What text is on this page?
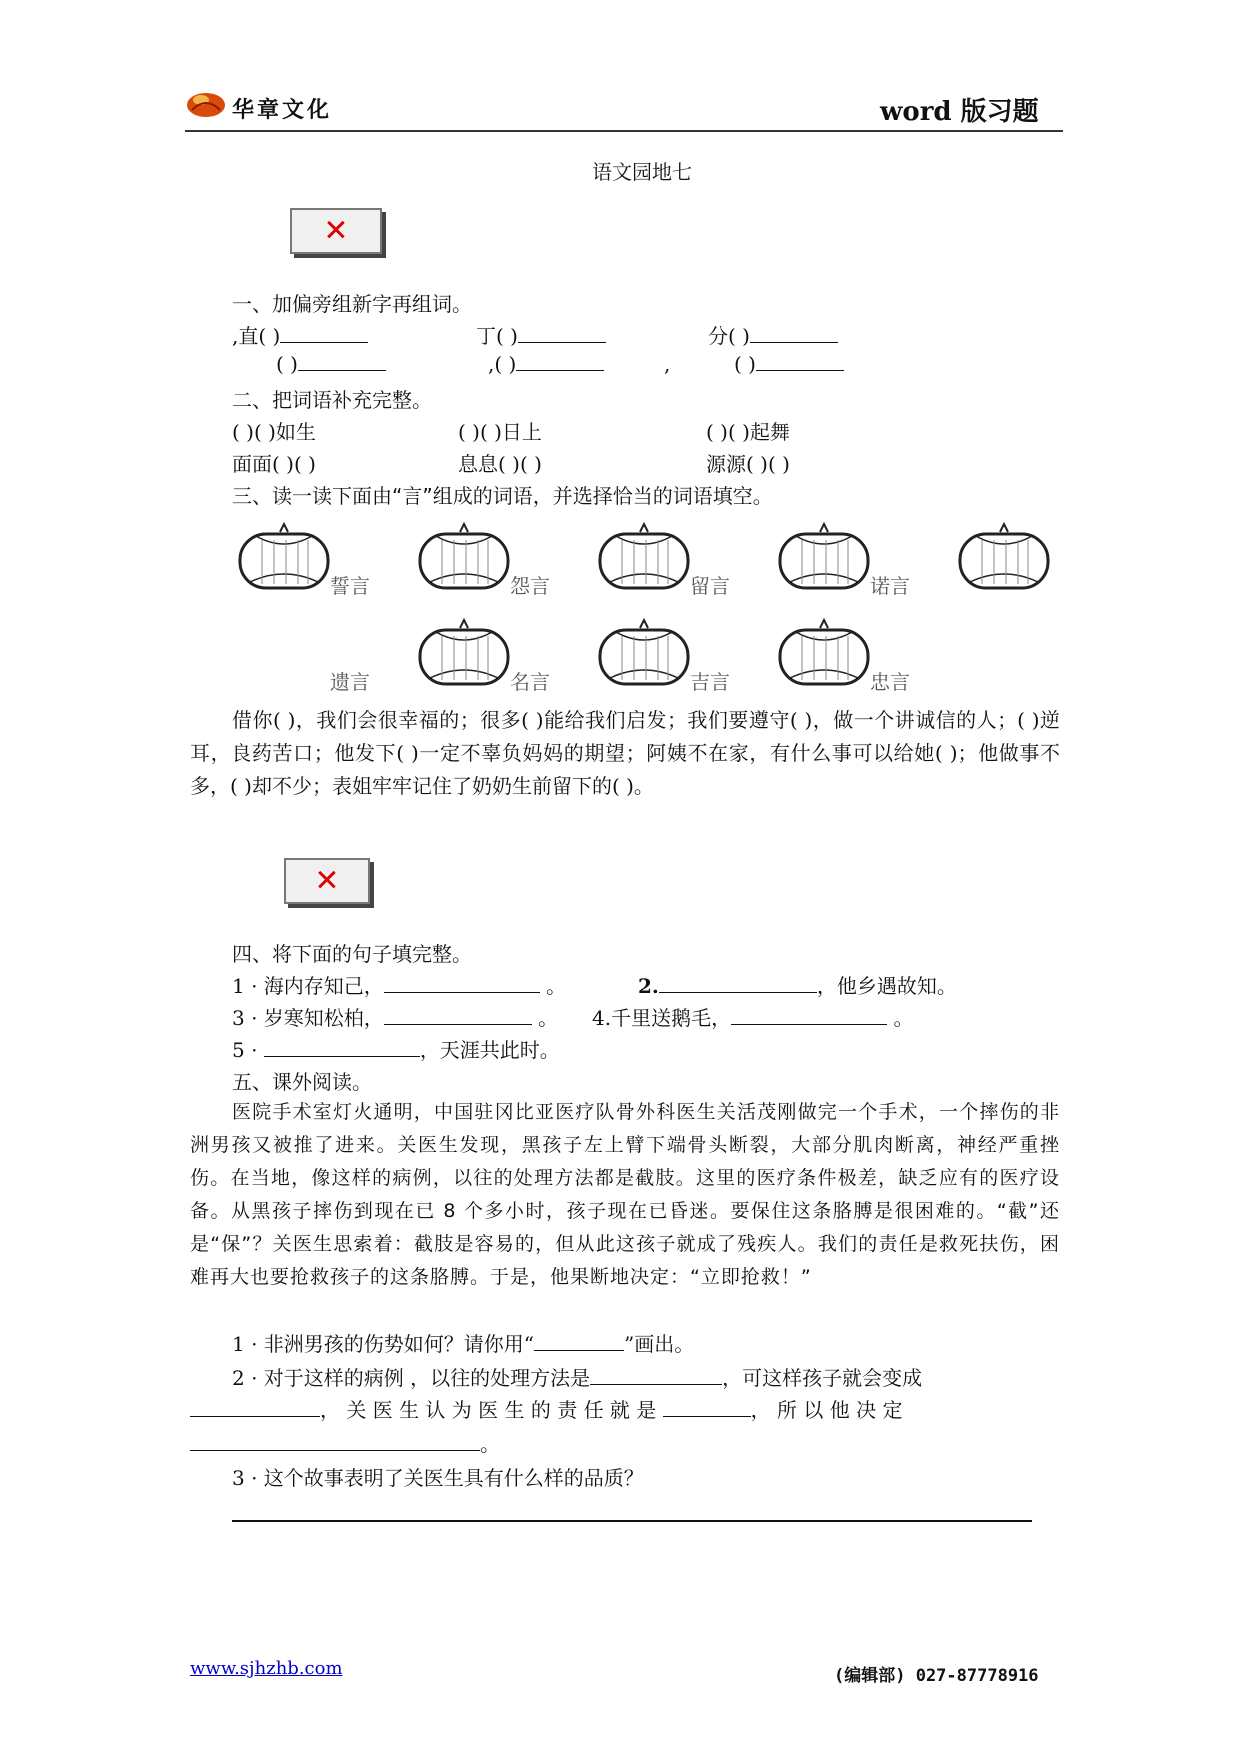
华章文化	word 版习题
语文园地七
✕
一、加偏旁组新字再组词。
,直( )	丁( )	分( )
( )	,( )	,	( )
二、把词语补充完整。
( )( )如生	( )( )日上	( )( )起舞
面面( )( )	息息( )( )	源源( )( )
三、读一读下面由“言”组成的词语，并选择恰当的词语填空。
誓言	怨言	留言	诺言
遗言	名言	吉言	忠言
借你( )，我们会很幸福的；很多( )能给我们启发；我们要遵守( )，做一个讲诚信的人；( )逆耳，良药苦口；他发下( )一定不辜负妈妈的期望；阿姨不在家，有什么事可以给她( )；他做事不多，( )却不少；表姐牢牢记住了奶奶生前留下的( )。
✕
四、将下面的句子填完整。
1 · 海内存知己，	。	2.	，他乡遇故知。
3 · 岁寒知松柏，	。 4.千里送鹅毛，	。
5 ·	，天涯共此时。
五、课外阅读。
医院手术室灯火通明，中国驻冈比亚医疗队骨外科医生关活茂刚做完一个手术，一个摔伤的非洲男孩又被推了进来。关医生发现，黑孩子左上臂下端骨头断裂，大部分肌肉断离，神经严重挫伤。在当地，像这样的病例，以往的处理方法都是截肢。这里的医疗条件极差，缺乏应有的医疗设备。从黑孩子摔伤到现在已 8 个多小时，孩子现在已昏迷。要保住这条胳膊是很困难的。“截”还是“保”？关医生思索着：截肢是容易的，但从此这孩子就成了残疾人。我们的责任是救死扶伤，困难再大也要抢救孩子的这条胳膊。于是，他果断地决定：“立即抢救！”
1 · 非洲男孩的伤势如何？请你用“	”画出。
2 · 对于这样的病例 ，以往的处理方法是	，可这样孩子就会变成
， 关 医 生 认 为 医 生 的 责 任 就 是	， 所 以 他 决 定
。
3 · 这个故事表明了关医生具有什么样的品质？
www.sjhzhb.com	(编辑部) 027-87778916
